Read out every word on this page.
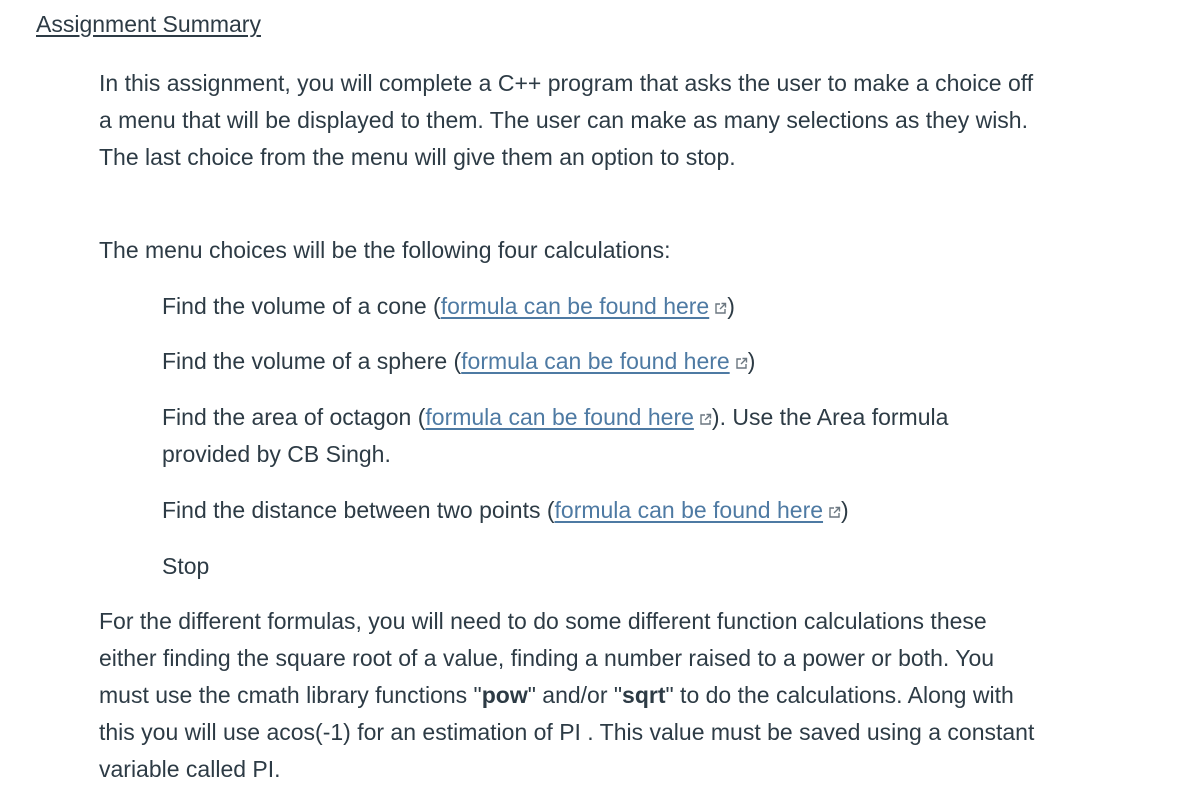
Assignment Summary

In this assignment, you will complete a C++ program that asks the user to make a choice off a menu that will be displayed to them. The user can make as many selections as they wish. The last choice from the menu will give them an option to stop.

The menu choices will be the following four calculations:

Find the volume of a cone (formula can be found here )

Find the volume of a sphere (formula can be found here )

Find the area of octagon (formula can be found here ). Use the Area formula provided by CB Singh.

Find the distance between two points (formula can be found here )

Stop

For the different formulas, you will need to do some different function calculations these either finding the square root of a value, finding a number raised to a power or both. You must use the cmath library functions "pow" and/or "sqrt" to do the calculations. Along with this you will use acos(-1) for an estimation of PI . This value must be saved using a constant variable called PI.
